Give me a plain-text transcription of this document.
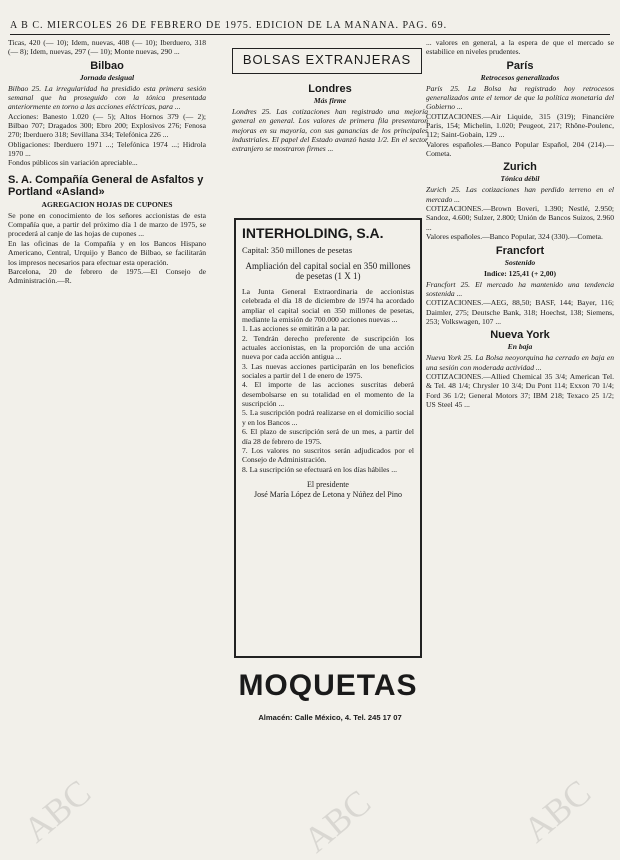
A B C. MIERCOLES 26 DE FEBRERO DE 1975. EDICION DE LA MAÑANA. PAG. 69.

Ticas, 420 (— 10); Idem, nuevas, 408 (— 10); Iberduero, 318 (— 8); Idem, nuevas, 297 (— 10); Monte nuevas, 290 ...

Bilbao
Jornada desigual

Bilbao 25. La irregularidad ha presidido esta primera sesión semanal que ha proseguido con la tónica presentada anteriormente en torno a las acciones eléctricas, para ...

Acciones: Banesto 1.020 (— 5); Altos Hornos 379 (— 2); Bilbao 707; Dragados 300; Ebro 200; Explosivos 276; Fenosa 270; Iberduero 318; Sevillana 334; Telefónica 226 ...

Obligaciones: Iberduero 1971 ...; Telefónica 1974 ...; Hidrola 1970 ...

Fondos públicos sin variación apreciable...

S. A. Compañía General de Asfaltos y Portland «Asland»
AGREGACION HOJAS DE CUPONES

Se pone en conocimiento de los señores accionistas de esta Compañía que, a partir del próximo día 1 de marzo de 1975, se procederá al canje de las hojas de cupones ...

En las oficinas de la Compañía y en los Bancos Hispano Americano, Central, Urquijo y Banco de Bilbao, se facilitarán los impresos necesarios para efectuar esta operación.

Barcelona, 20 de febrero de 1975.—El Consejo de Administración.—R.

BOLSAS EXTRANJERAS
Londres
Más firme

Londres 25. Las cotizaciones han registrado una mejoría general en general. Los valores de primera fila presentaron mejoras en su mayoría, con sus ganancias de los principales industriales. El papel del Estado avanzó hasta 1/2. En el sector extranjero se mostraron firmes ...

INTERHOLDING, S.A.
Capital: 350 millones de pesetas
Ampliación del capital social en 350 millones de pesetas (1 X 1)

La Junta General Extraordinaria de accionistas celebrada el día 18 de diciembre de 1974 ha acordado ampliar el capital social en 350 millones de pesetas, mediante la emisión de 700.000 acciones nuevas ...

1. Las acciones se emitirán a la par.
2. Tendrán derecho preferente de suscripción los actuales accionistas, en la proporción de una acción nueva por cada acción antigua ...
3. Las nuevas acciones participarán en los beneficios sociales a partir del 1 de enero de 1975.
4. El importe de las acciones suscritas deberá desembolsarse en su totalidad en el momento de la suscripción ...
5. La suscripción podrá realizarse en el domicilio social y en los Bancos ...
6. El plazo de suscripción será de un mes, a partir del día 28 de febrero de 1975.
7. Los valores no suscritos serán adjudicados por el Consejo de Administración.
8. La suscripción se efectuará en los días hábiles ...
El presidente
José María López de Letona y Núñez del Pino
MOQUETAS
Almacén: Calle México, 4. Tel. 245 17 07

... valores en general, a la espera de que el mercado se estabilice en niveles prudentes.

París
Retrocesos generalizados

París 25. La Bolsa ha registrado hoy retrocesos generalizados ante el temor de que la política monetaria del Gobierno ...

COTIZACIONES.—Air Liquide, 315 (319); Financière Paris, 154; Michelin, 1.020; Peugeot, 217; Rhône-Poulenc, 112; Saint-Gobain, 129 ...

Valores españoles.—Banco Popular Español, 204 (214).—Cometa.

Zurich
Tónica débil

Zurich 25. Las cotizaciones han perdido terreno en el mercado ...

COTIZACIONES.—Brown Boveri, 1.390; Nestlé, 2.950; Sandoz, 4.600; Sulzer, 2.800; Unión de Bancos Suizos, 2.960 ...

Valores españoles.—Banco Popular, 324 (330).—Cometa.

Francfort
Sostenido
Indice: 125,41 (+ 2,00)

Francfort 25. El mercado ha mantenido una tendencia sostenida ...

COTIZACIONES.—AEG, 88,50; BASF, 144; Bayer, 116; Daimler, 275; Deutsche Bank, 318; Hoechst, 138; Siemens, 253; Volkswagen, 107 ...

Nueva York
En baja

Nueva York 25. La Bolsa neoyorquina ha cerrado en baja en una sesión con moderada actividad ...

COTIZACIONES.—Allied Chemical 35 3/4; American Tel. & Tel. 48 1/4; Chrysler 10 3/4; Du Pont 114; Exxon 70 1/4; Ford 36 1/2; General Motors 37; IBM 218; Texaco 25 1/2; US Steel 45 ...

ABC	ABC	ABC
